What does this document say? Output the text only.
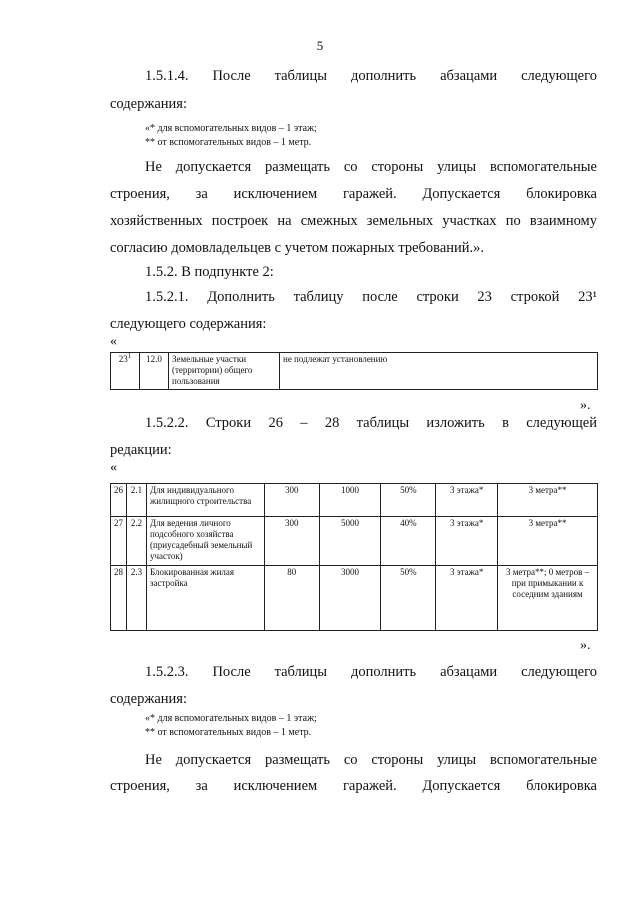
5
1.5.1.4. После таблицы дополнить абзацами следующего
содержания:
«* для вспомогательных видов – 1 этаж;
** от вспомогательных видов – 1 метр.
Не допускается размещать со стороны улицы вспомогательные
строения, за исключением гаражей. Допускается блокировка
хозяйственных построек на смежных земельных участках по взаимному
согласию домовладельцев с учетом пожарных требований.».
1.5.2. В подпункте 2:
1.5.2.1. Дополнить таблицу после строки 23 строкой 23¹
следующего содержания:
«
$23^1$	12.0	Земельные участки (территории) общего пользования	не подлежат установлению
».
1.5.2.2. Строки 26 – 28 таблицы изложить в следующей
редакции:
«
26	2.1	Для индивидуального жилищного строительства	300	1000	50%	3 этажа*	3 метра**
27	2.2	Для ведения личного подсобного хозяйства (приусадебный земельный участок)	300	5000	40%	3 этажа*	3 метра**
28	2.3	Блокированная жилая застройка	80	3000	50%	3 этажа*	3 метра**; 0 метров – при примыкании к соседним зданиям
».
1.5.2.3. После таблицы дополнить абзацами следующего
содержания:
«* для вспомогательных видов – 1 этаж;
** от вспомогательных видов – 1 метр.
Не допускается размещать со стороны улицы вспомогательные
строения, за исключением гаражей. Допускается блокировка
